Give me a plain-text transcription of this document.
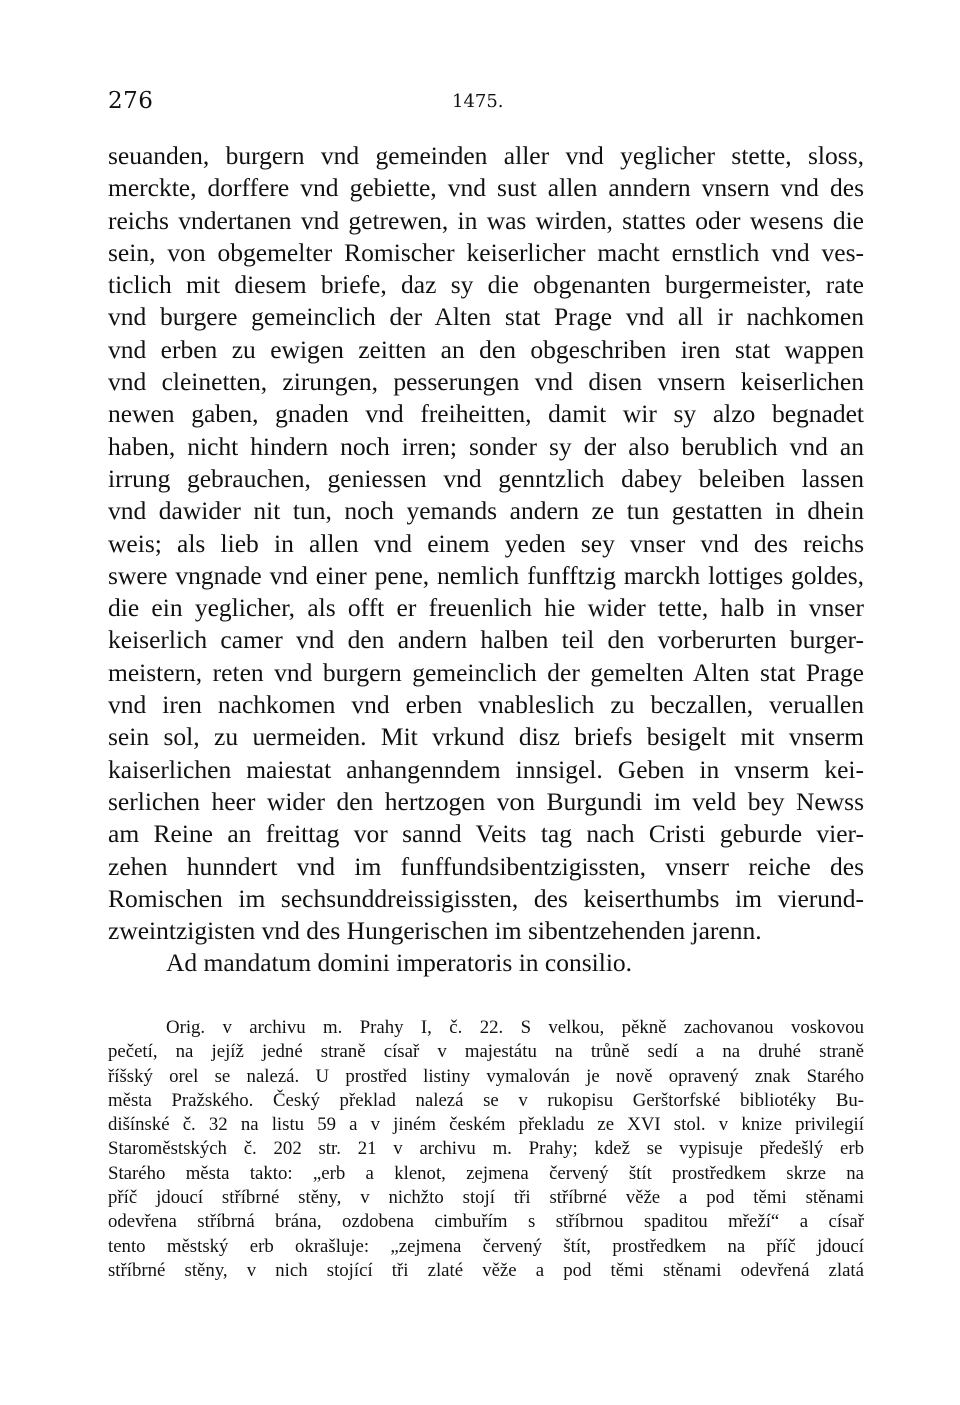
276	1475.
seuanden, burgern vnd gemeinden aller vnd yeglicher stette, sloss,
merckte, dorffere vnd gebiette, vnd sust allen anndern vnsern vnd des
reichs vndertanen vnd getrewen, in was wirden, stattes oder wesens die
sein, von obgemelter Romischer keiserlicher macht ernstlich vnd ves-
ticlich mit diesem briefe, daz sy die obgenanten burgermeister, rate
vnd burgere gemeinclich der Alten stat Prage vnd all ir nachkomen
vnd erben zu ewigen zeitten an den obgeschriben iren stat wappen
vnd cleinetten, zirungen, pesserungen vnd disen vnsern keiserlichen
newen gaben, gnaden vnd freiheitten, damit wir sy alzo begnadet
haben, nicht hindern noch irren; sonder sy der also berublich vnd an
irrung gebrauchen, geniessen vnd genntzlich dabey beleiben lassen
vnd dawider nit tun, noch yemands andern ze tun gestatten in dhein
weis; als lieb in allen vnd einem yeden sey vnser vnd des reichs
swere vngnade vnd einer pene, nemlich funfftzig marckh lottiges goldes,
die ein yeglicher, als offt er freuenlich hie wider tette, halb in vnser
keiserlich camer vnd den andern halben teil den vorberurten burger-
meistern, reten vnd burgern gemeinclich der gemelten Alten stat Prage
vnd iren nachkomen vnd erben vnableslich zu beczallen, veruallen
sein sol, zu uermeiden. Mit vrkund disz briefs besigelt mit vnserm
kaiserlichen maiestat anhangenndem innsigel. Geben in vnserm kei-
serlichen heer wider den hertzogen von Burgundi im veld bey Newss
am Reine an freittag vor sannd Veits tag nach Cristi geburde vier-
zehen hunndert vnd im funffundsibentzigissten, vnserr reiche des
Romischen im sechsunddreissigissten, des keiserthumbs im vierund-
zweintzigisten vnd des Hungerischen im sibentzehenden jarenn.
Ad mandatum domini imperatoris in consilio.
Orig. v archivu m. Prahy I, č. 22. S velkou, pěkně zachovanou voskovou
pečetí, na jejíž jedné straně císař v majestátu na trůně sedí a na druhé straně
říšský orel se nalezá. U prostřed listiny vymalován je nově opravený znak Starého
města Pražského. Český překlad nalezá se v rukopisu Gerštorfské bibliotéky Bu-
dišínské č. 32 na listu 59 a v jiném českém překladu ze XVI stol. v knize privilegií
Staroměstských č. 202 str. 21 v archivu m. Prahy; kdež se vypisuje předešlý erb
Starého města takto: „erb a klenot, zejmena červený štít prostředkem skrze na
příč jdoucí stříbrné stěny, v nichžto stojí tři stříbrné věže a pod těmi stěnami
odevřena stříbrná brána, ozdobena cimbuřím s stříbrnou spaditou mřeží“ a císař
tento městský erb okrašluje: „zejmena červený štít, prostředkem na příč jdoucí
stříbrné stěny, v nich stojící tři zlaté věže a pod těmi stěnami odevřená zlatá
